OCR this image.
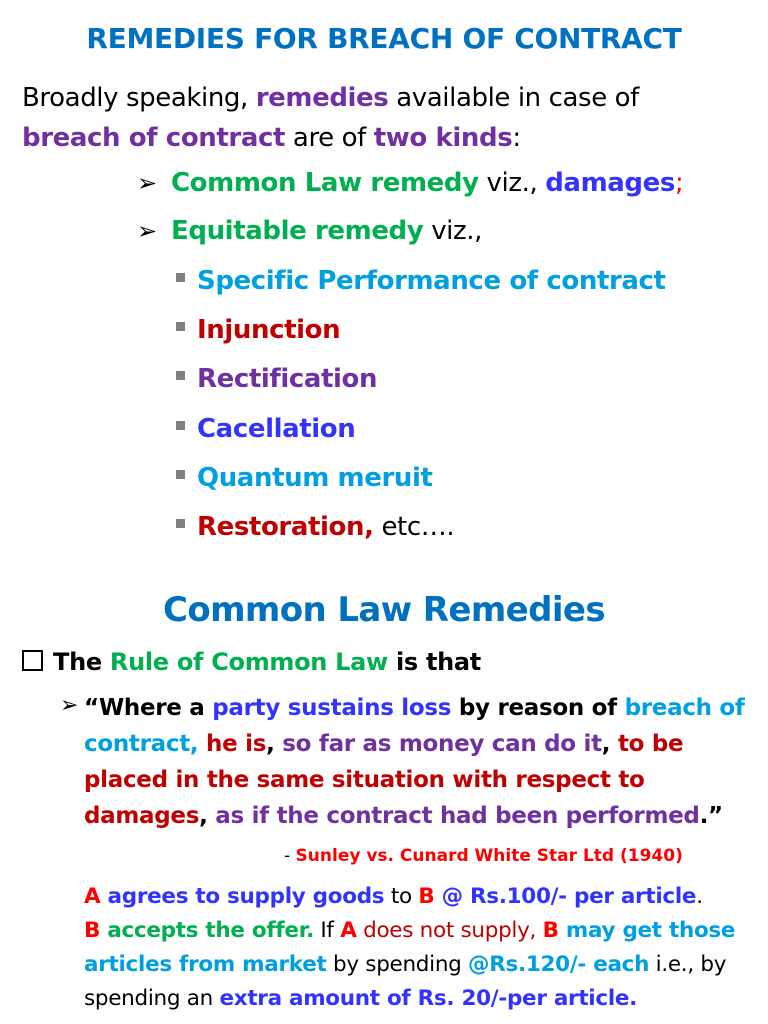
REMEDIES FOR BREACH OF CONTRACT
Broadly speaking, remedies available in case of
breach of contract are of two kinds:
➢ Common Law remedy viz., damages;
➢ Equitable remedy viz.,
Specific Performance of contract
Injunction
Rectification
Cacellation
Quantum meruit
Restoration, etc….
Common Law Remedies
The Rule of Common Law is that
➢ “Where a party sustains loss by reason of breach of contract, he is, so far as money can do it, to be placed in the same situation with respect to damages, as if the contract had been performed.”
- Sunley vs. Cunard White Star Ltd (1940)
A agrees to supply goods to B @ Rs.100/- per article.
B accepts the offer. If A does not supply, B may get those articles from market by spending @Rs.120/- each i.e., by spending an extra amount of Rs. 20/-per article.
